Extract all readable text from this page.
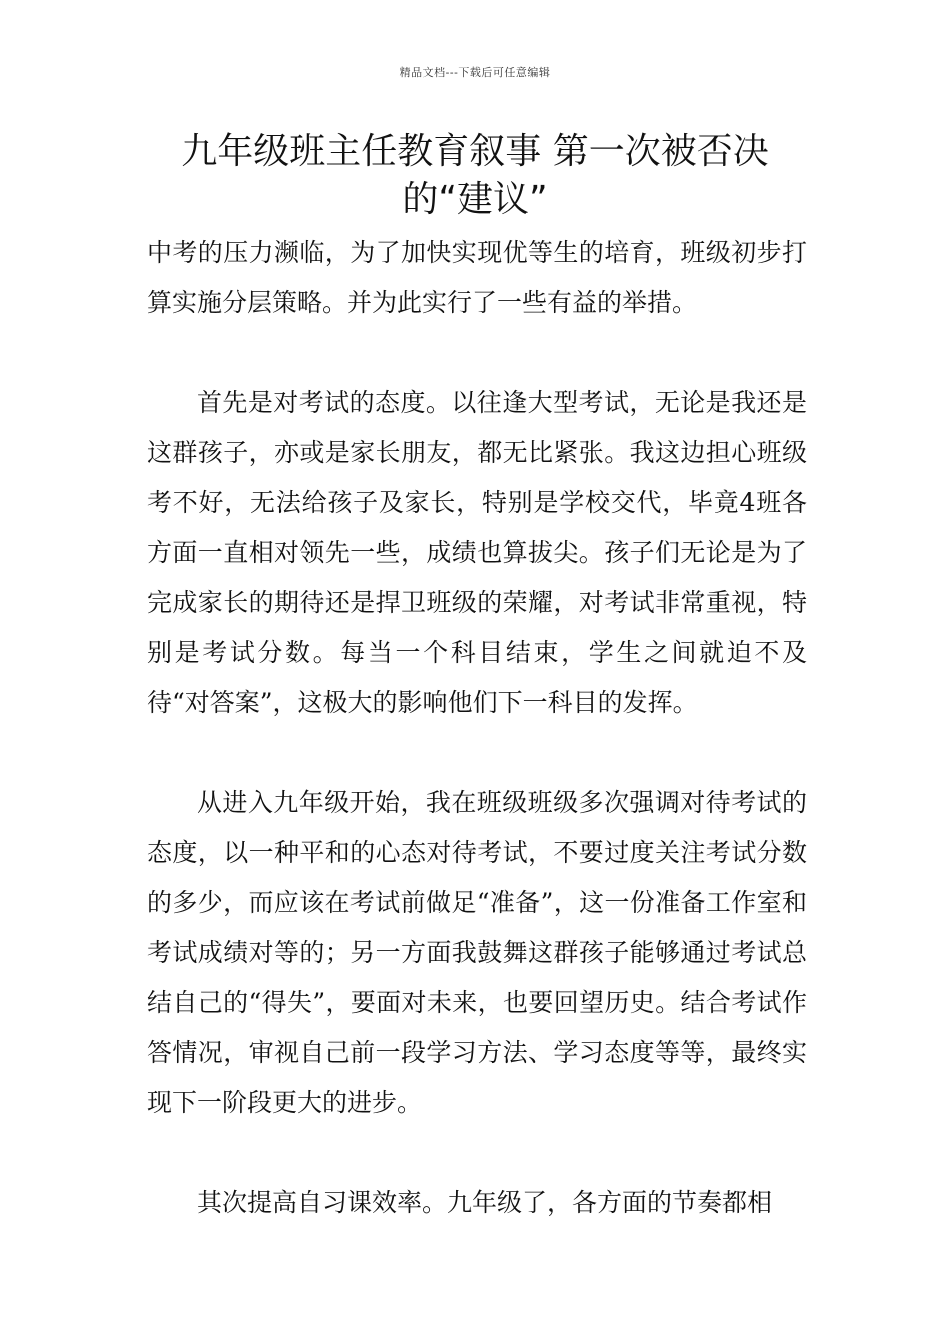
精品文档---下载后可任意编辑
九年级班主任教育叙事 第一次被否决的“建议”

中考的压力濒临，为了加快实现优等生的培育，班级初步打算实施分层策略。并为此实行了一些有益的举措。

首先是对考试的态度。以往逢大型考试，无论是我还是这群孩子，亦或是家长朋友，都无比紧张。我这边担心班级考不好，无法给孩子及家长，特别是学校交代，毕竟4班各方面一直相对领先一些，成绩也算拔尖。孩子们无论是为了完成家长的期待还是捍卫班级的荣耀，对考试非常重视，特别是考试分数。每当一个科目结束，学生之间就迫不及待“对答案”，这极大的影响他们下一科目的发挥。

从进入九年级开始，我在班级班级多次强调对待考试的态度，以一种平和的心态对待考试，不要过度关注考试分数的多少，而应该在考试前做足“准备”，这一份准备工作室和考试成绩对等的；另一方面我鼓舞这群孩子能够通过考试总结自己的“得失”，要面对未来，也要回望历史。结合考试作答情况，审视自己前一段学习方法、学习态度等等，最终实现下一阶段更大的进步。

其次提高自习课效率。九年级了，各方面的节奏都相
